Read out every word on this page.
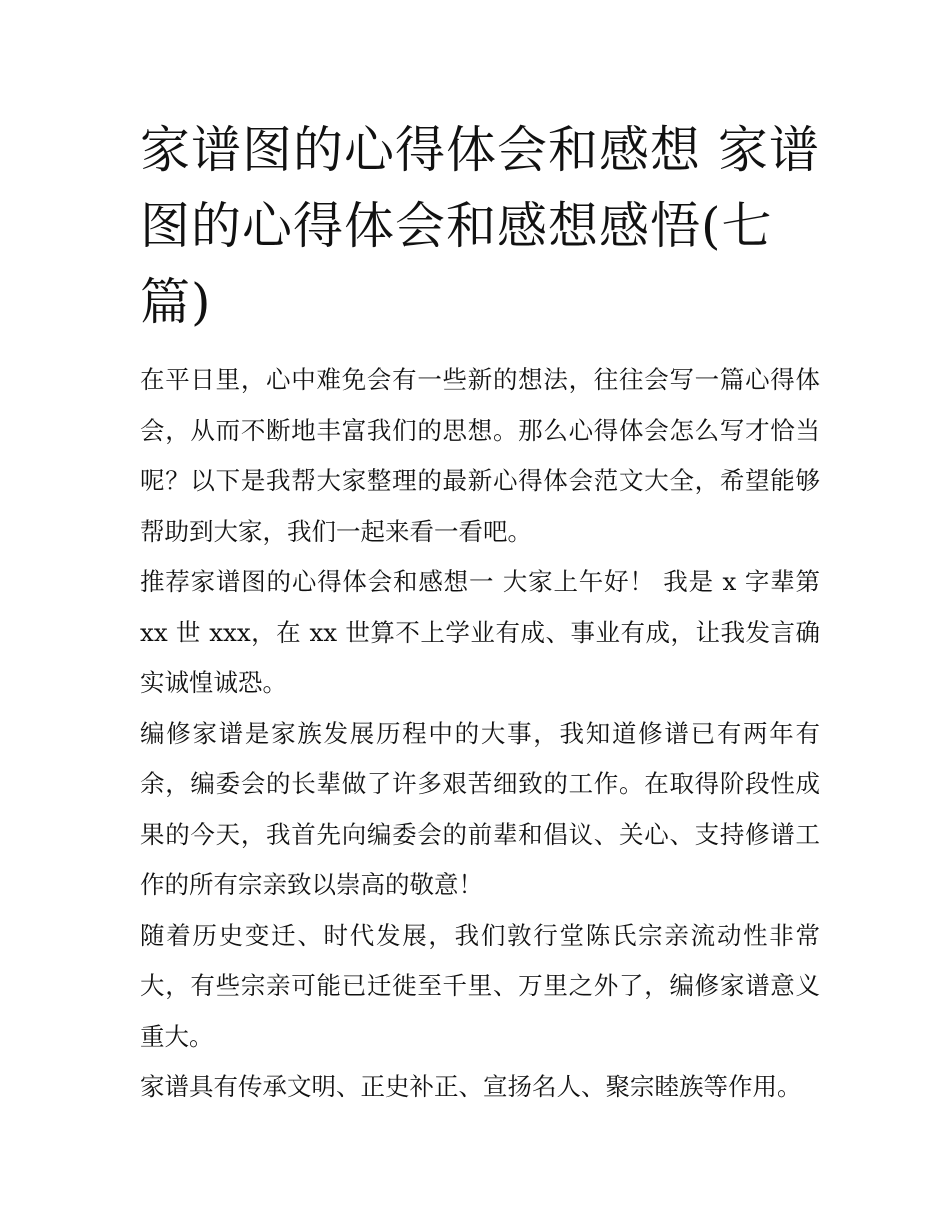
家谱图的心得体会和感想 家谱图的心得体会和感想感悟(七篇)

在平日里，心中难免会有一些新的想法，往往会写一篇心得体会，从而不断地丰富我们的思想。那么心得体会怎么写才恰当呢？以下是我帮大家整理的最新心得体会范文大全，希望能够帮助到大家，我们一起来看一看吧。

推荐家谱图的心得体会和感想一 大家上午好！ 我是 x 字辈第 xx 世 xxx，在 xx 世算不上学业有成、事业有成，让我发言确实诚惶诚恐。

编修家谱是家族发展历程中的大事，我知道修谱已有两年有余，编委会的长辈做了许多艰苦细致的工作。在取得阶段性成果的今天，我首先向编委会的前辈和倡议、关心、支持修谱工作的所有宗亲致以崇高的敬意！

随着历史变迁、时代发展，我们敦行堂陈氏宗亲流动性非常大，有些宗亲可能已迁徙至千里、万里之外了，编修家谱意义重大。

家谱具有传承文明、正史补正、宣扬名人、聚宗睦族等作用。
